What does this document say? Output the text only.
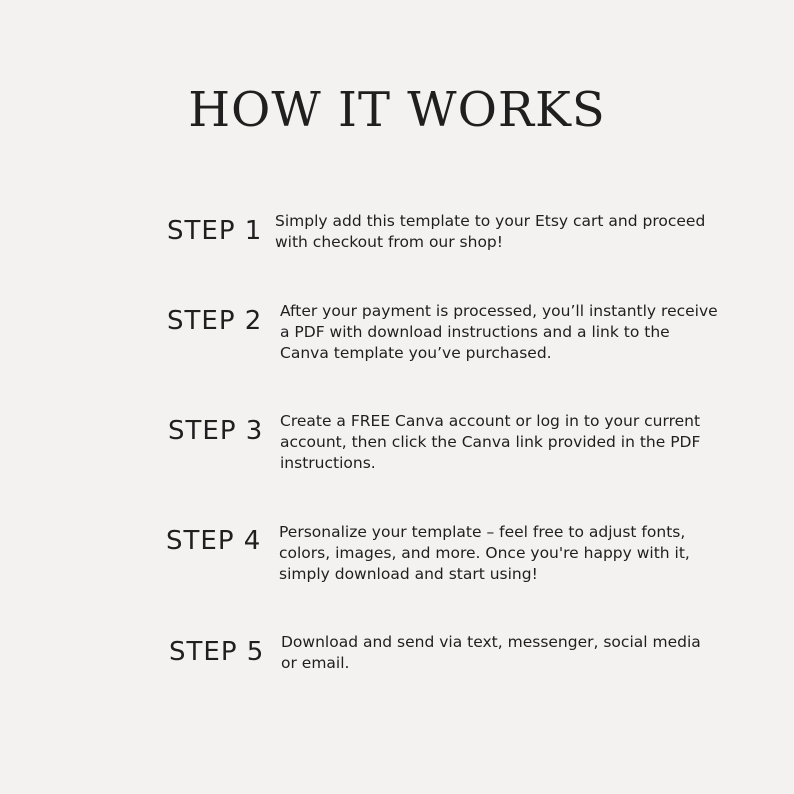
HOW IT WORKS
STEP 1 Simply add this template to your Etsy cart and proceed with checkout from our shop!

STEP 2 After your payment is processed, you’ll instantly receive a PDF with download instructions and a link to the Canva template you’ve purchased.

STEP 3 Create a FREE Canva account or log in to your current account, then click the Canva link provided in the PDF instructions.

STEP 4 Personalize your template – feel free to adjust fonts, colors, images, and more. Once you're happy with it, simply download and start using!

STEP 5 Download and send via text, messenger, social media or email.
